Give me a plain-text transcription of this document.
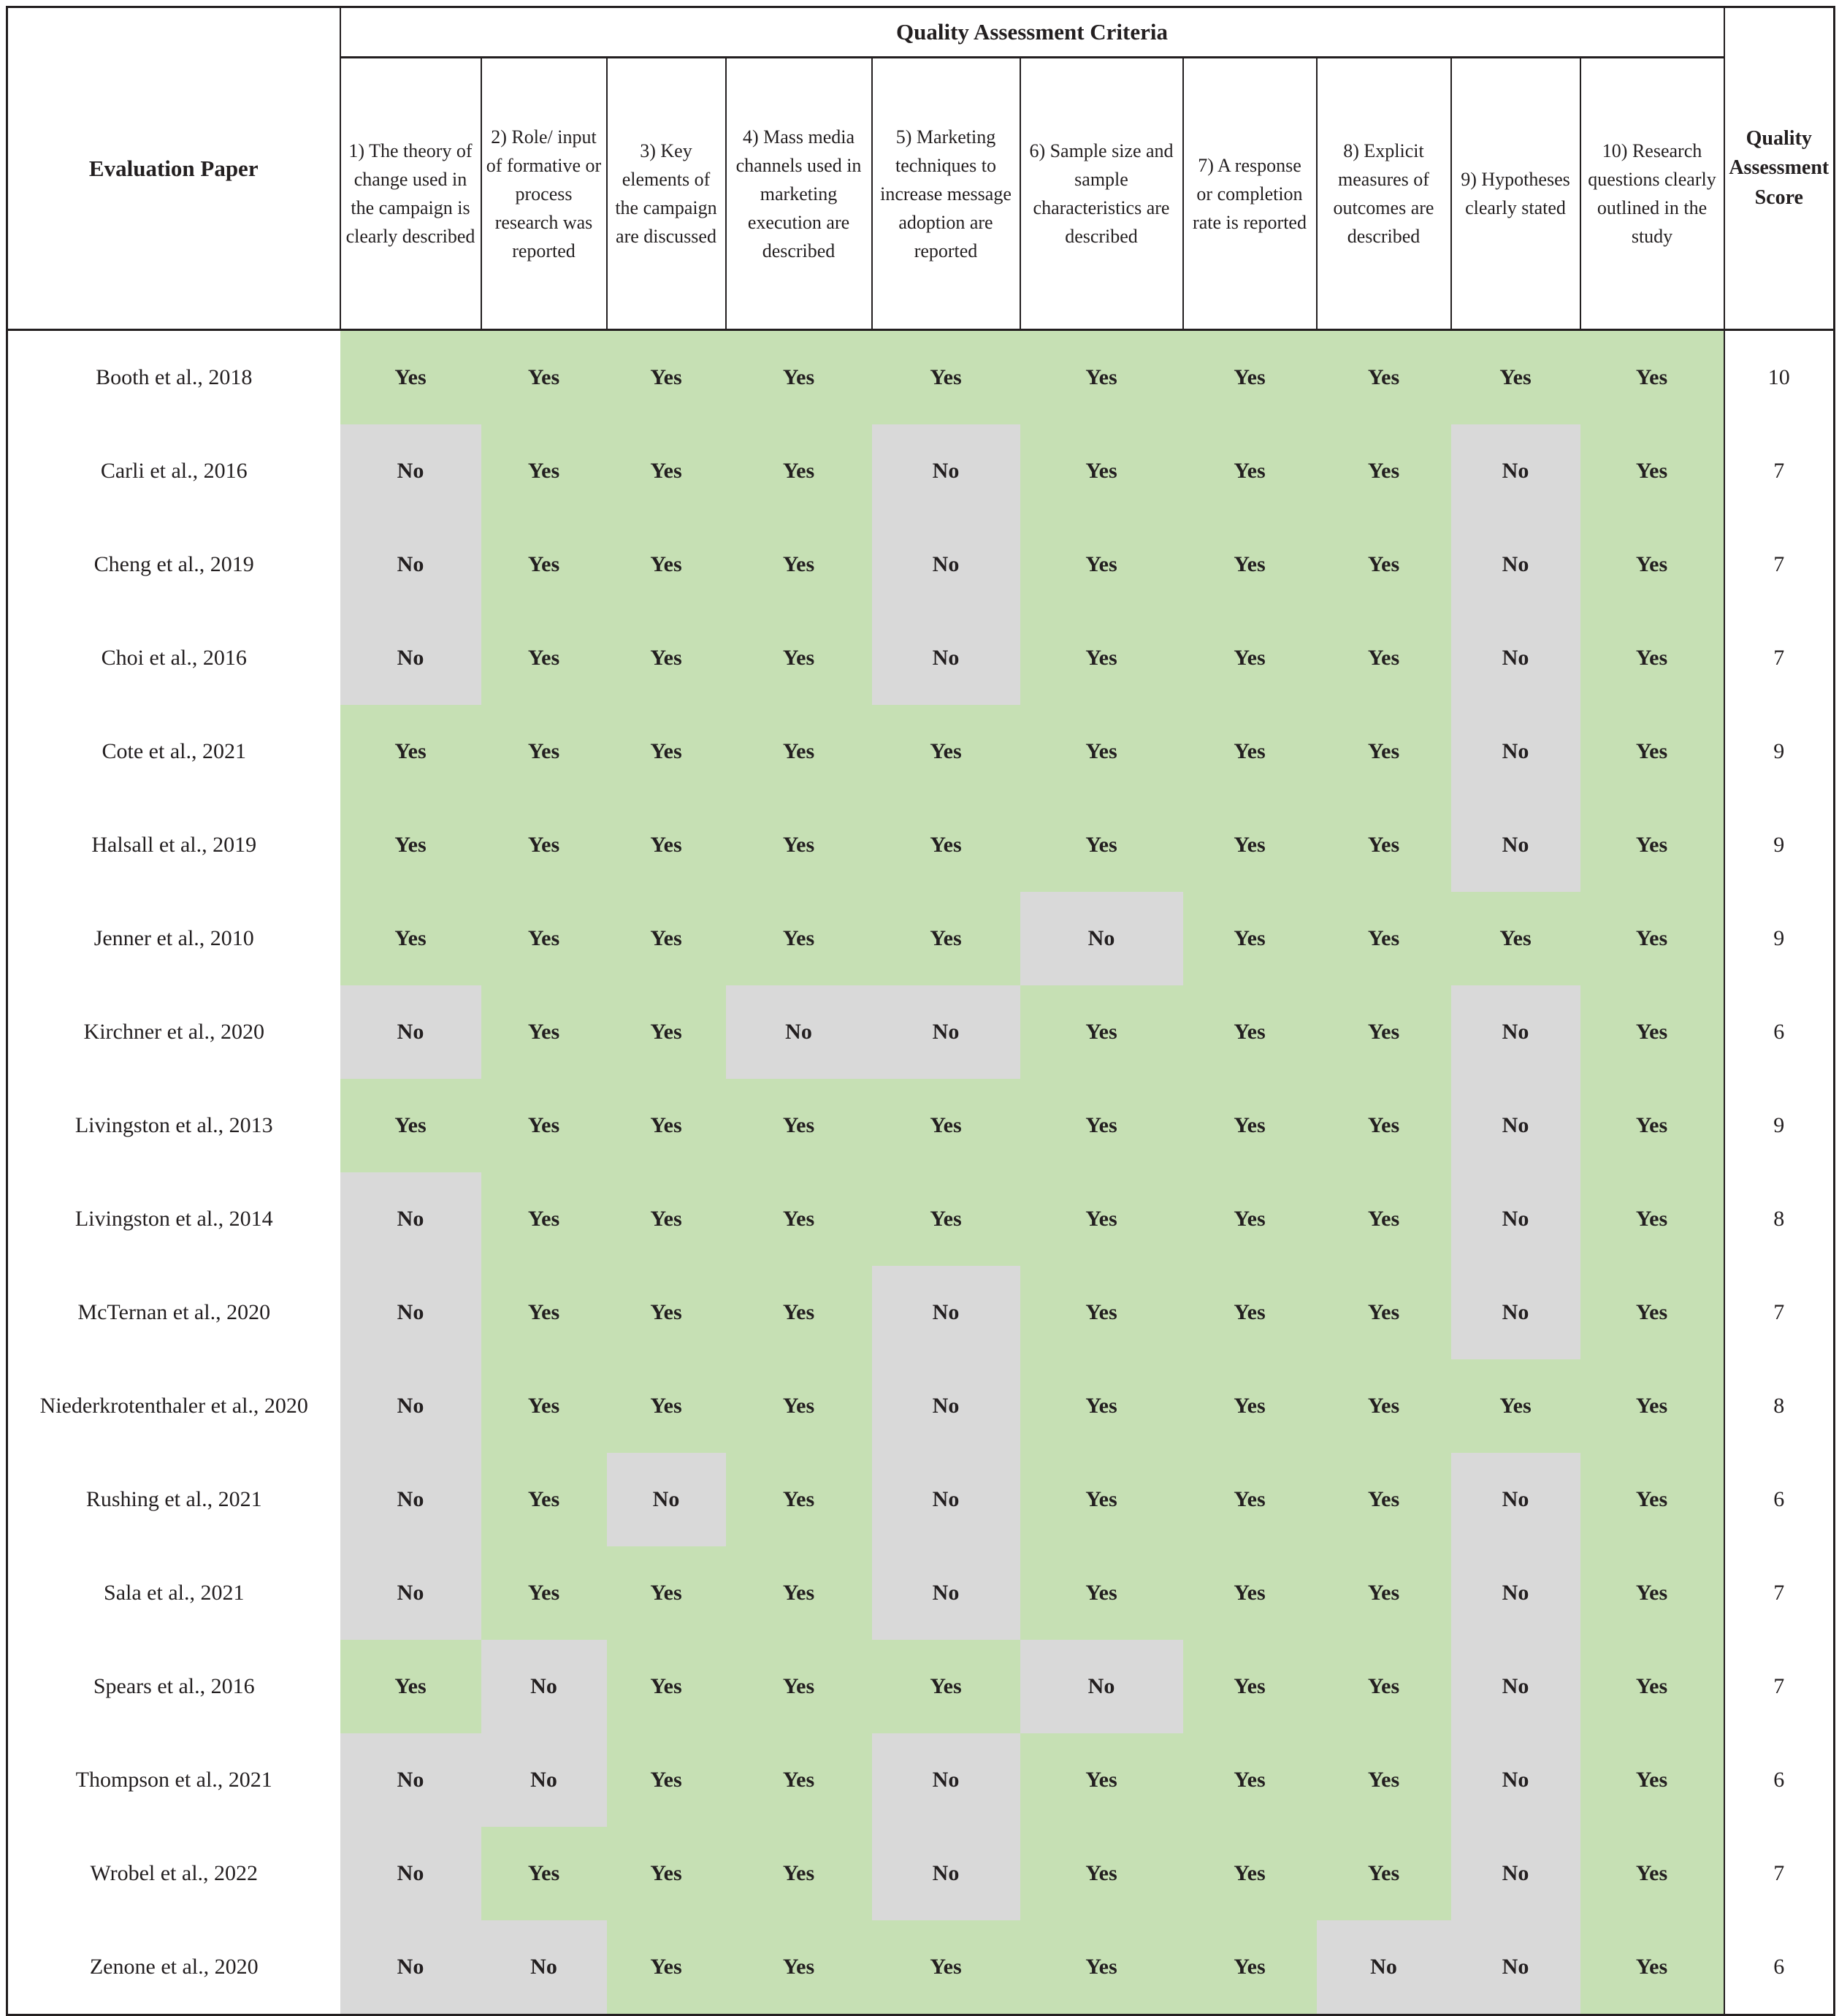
Evaluation Paper	Quality Assessment Criteria										Quality Assessment Score
	1) The theory of change used in the campaign is clearly described	2) Role/ input of formative or process research was reported	3) Key elements of the campaign are discussed	4) Mass media channels used in marketing execution are described	5) Marketing techniques to increase message adoption are reported	6) Sample size and sample characteristics are described	7) A response or completion rate is reported	8) Explicit measures of outcomes are described	9) Hypotheses clearly stated	10) Research questions clearly outlined in the study	
Booth et al., 2018	Yes	Yes	Yes	Yes	Yes	Yes	Yes	Yes	Yes	Yes	10
Carli et al., 2016	No	Yes	Yes	Yes	No	Yes	Yes	Yes	No	Yes	7
Cheng et al., 2019	No	Yes	Yes	Yes	No	Yes	Yes	Yes	No	Yes	7
Choi et al., 2016	No	Yes	Yes	Yes	No	Yes	Yes	Yes	No	Yes	7
Cote et al., 2021	Yes	Yes	Yes	Yes	Yes	Yes	Yes	Yes	No	Yes	9
Halsall et al., 2019	Yes	Yes	Yes	Yes	Yes	Yes	Yes	Yes	No	Yes	9
Jenner et al., 2010	Yes	Yes	Yes	Yes	Yes	No	Yes	Yes	Yes	Yes	9
Kirchner et al., 2020	No	Yes	Yes	No	No	Yes	Yes	Yes	No	Yes	6
Livingston et al., 2013	Yes	Yes	Yes	Yes	Yes	Yes	Yes	Yes	No	Yes	9
Livingston et al., 2014	No	Yes	Yes	Yes	Yes	Yes	Yes	Yes	No	Yes	8
McTernan et al., 2020	No	Yes	Yes	Yes	No	Yes	Yes	Yes	No	Yes	7
Niederkrotenthaler et al., 2020	No	Yes	Yes	Yes	No	Yes	Yes	Yes	Yes	Yes	8
Rushing et al., 2021	No	Yes	No	Yes	No	Yes	Yes	Yes	No	Yes	6
Sala et al., 2021	No	Yes	Yes	Yes	No	Yes	Yes	Yes	No	Yes	7
Spears et al., 2016	Yes	No	Yes	Yes	Yes	No	Yes	Yes	No	Yes	7
Thompson et al., 2021	No	No	Yes	Yes	No	Yes	Yes	Yes	No	Yes	6
Wrobel et al., 2022	No	Yes	Yes	Yes	No	Yes	Yes	Yes	No	Yes	7
Zenone et al., 2020	No	No	Yes	Yes	Yes	Yes	Yes	No	No	Yes	6
